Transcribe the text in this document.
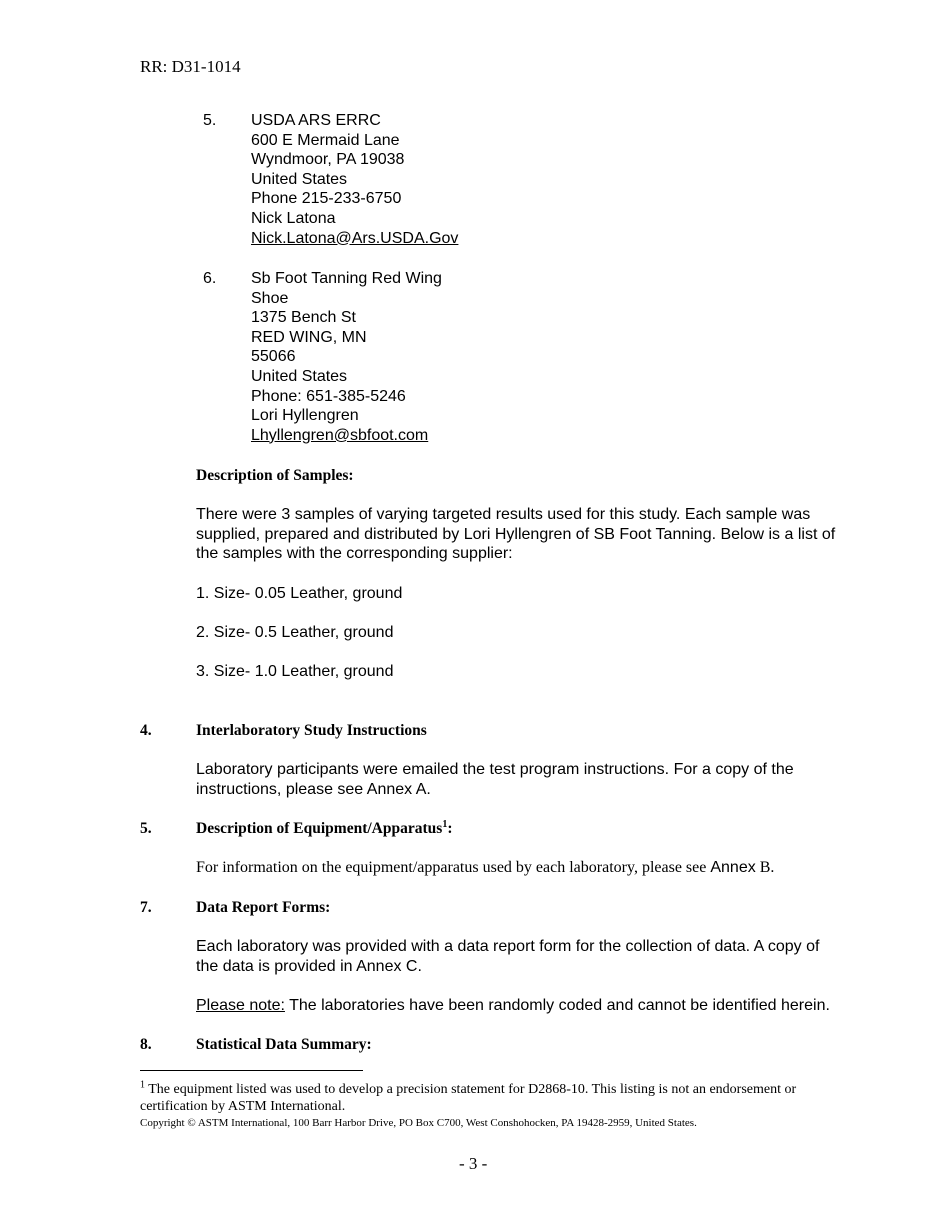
RR: D31-1014
5. USDA ARS ERRC
600 E Mermaid Lane
Wyndmoor, PA 19038
United States
Phone 215-233-6750
Nick Latona
Nick.Latona@Ars.USDA.Gov
6. Sb Foot Tanning Red Wing
Shoe
1375 Bench St
RED WING, MN
55066
United States
Phone: 651-385-5246
Lori Hyllengren
Lhyllengren@sbfoot.com
Description of Samples:
There were 3 samples of varying targeted results used for this study. Each sample was
supplied, prepared and distributed by Lori Hyllengren of SB Foot Tanning. Below is a list of
the samples with the corresponding supplier:
1. Size- 0.05 Leather, ground
2. Size- 0.5 Leather, ground
3. Size- 1.0 Leather, ground
4.	Interlaboratory Study Instructions
Laboratory participants were emailed the test program instructions. For a copy of the
instructions, please see Annex A.
5.	Description of Equipment/Apparatus$^1$:
For information on the equipment/apparatus used by each laboratory, please see Annex B.
7.	Data Report Forms:
Each laboratory was provided with a data report form for the collection of data. A copy of
the data is provided in Annex C.
Please note: The laboratories have been randomly coded and cannot be identified herein.
8.	Statistical Data Summary:
$^1$ The equipment listed was used to develop a precision statement for D2868-10. This listing is not an endorsement or
certification by ASTM International.
Copyright © ASTM International, 100 Barr Harbor Drive, PO Box C700, West Conshohocken, PA 19428-2959, United States.
- 3 -
